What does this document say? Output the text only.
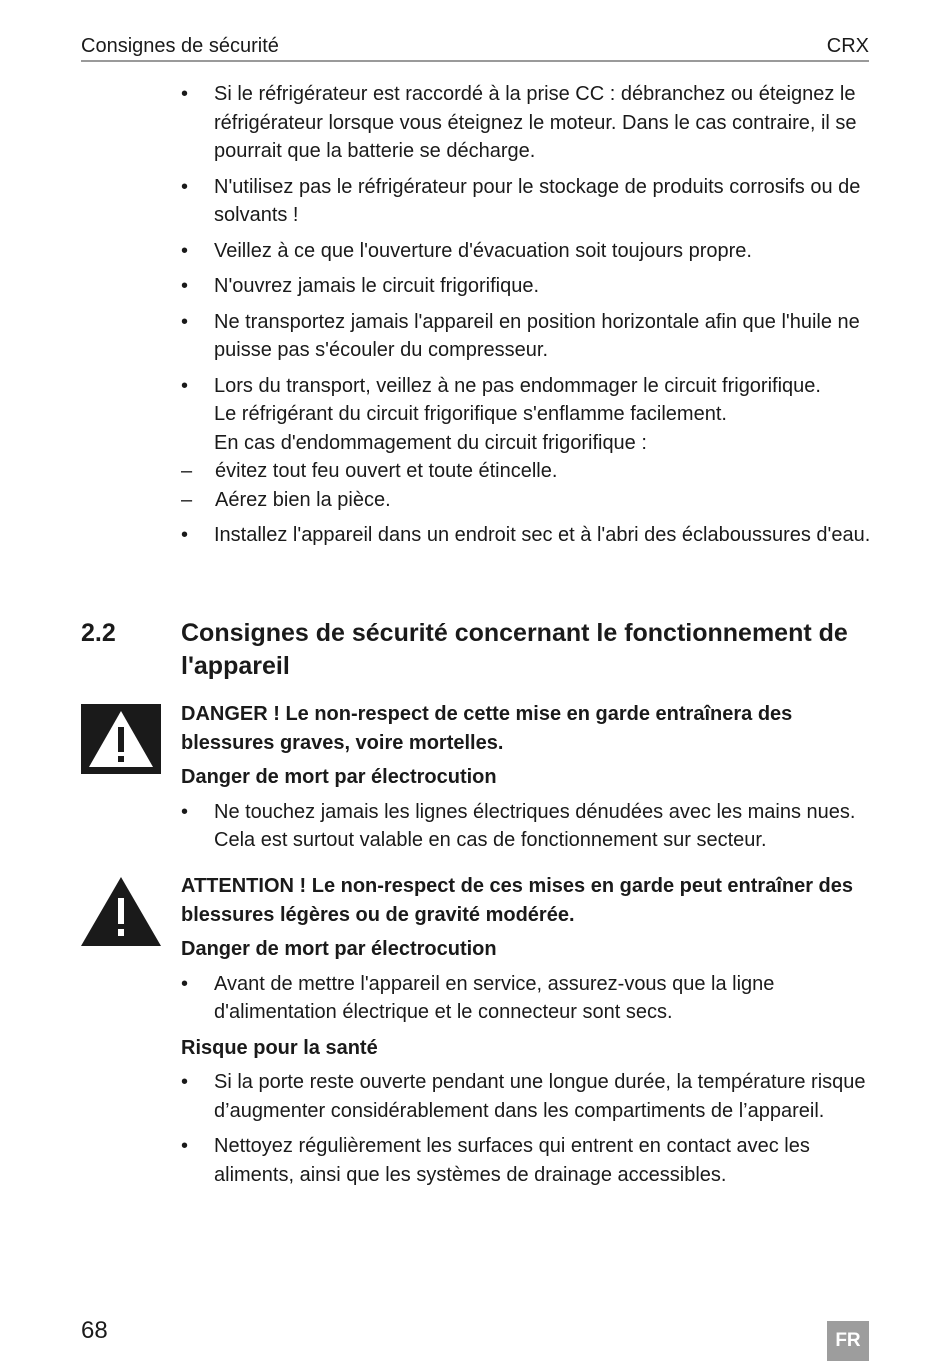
Consignes de sécurité	CRX
• Si le réfrigérateur est raccordé à la prise CC : débranchez ou éteignez le réfrigérateur lorsque vous éteignez le moteur. Dans le cas contraire, il se pourrait que la batterie se décharge.
• N'utilisez pas le réfrigérateur pour le stockage de produits corrosifs ou de solvants !
• Veillez à ce que l'ouverture d'évacuation soit toujours propre.
• N'ouvrez jamais le circuit frigorifique.
• Ne transportez jamais l'appareil en position horizontale afin que l'huile ne puisse pas s'écouler du compresseur.
• Lors du transport, veillez à ne pas endommager le circuit frigorifique.

Le réfrigérant du circuit frigorifique s'enflamme facilement.

En cas d'endommagement du circuit frigorifique :

– évitez tout feu ouvert et toute étincelle.
– Aérez bien la pièce.
• Installez l'appareil dans un endroit sec et à l'abri des éclaboussures d'eau.
2.2	Consignes de sécurité concernant le fonctionnement de l'appareil

DANGER ! Le non-respect de cette mise en garde entraînera des blessures graves, voire mortelles.

Danger de mort par électrocution

• Ne touchez jamais les lignes électriques dénudées avec les mains nues. Cela est surtout valable en cas de fonctionnement sur secteur.

ATTENTION ! Le non-respect de ces mises en garde peut entraîner des blessures légères ou de gravité modérée.

Danger de mort par électrocution

• Avant de mettre l'appareil en service, assurez-vous que la ligne d'alimentation électrique et le connecteur sont secs.

Risque pour la santé

• Si la porte reste ouverte pendant une longue durée, la température risque d’augmenter considérablement dans les compartiments de l’appareil.
• Nettoyez régulièrement les surfaces qui entrent en contact avec les aliments, ainsi que les systèmes de drainage accessibles.
68	FR
